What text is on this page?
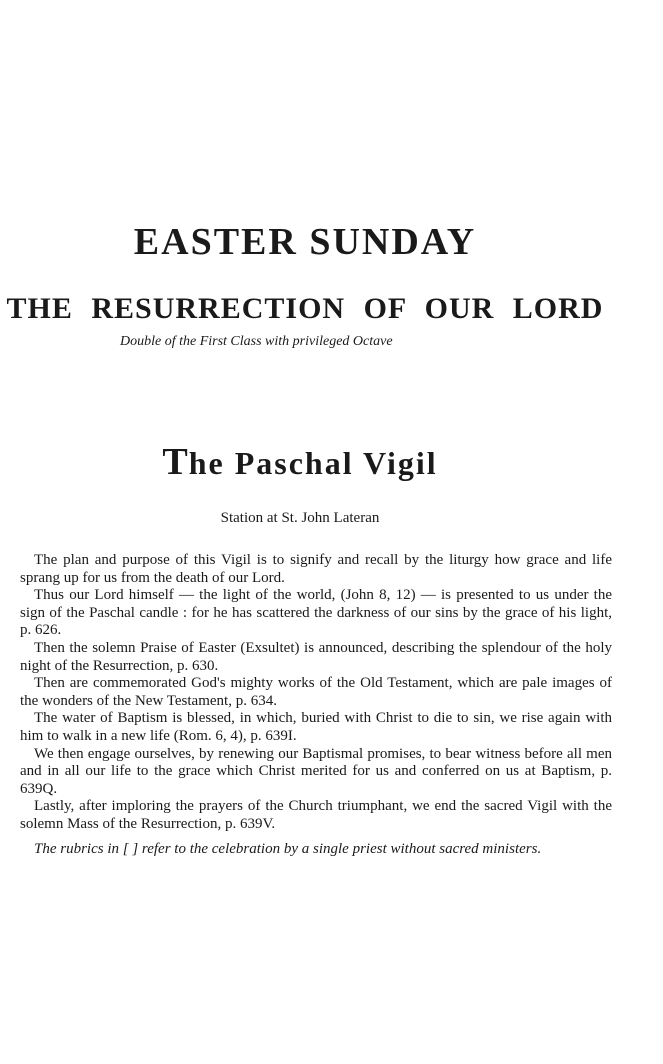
EASTER SUNDAY
THE RESURRECTION OF OUR LORD

Double of the First Class with privileged Octave

The Paschal Vigil

Station at St. John Lateran

The plan and purpose of this Vigil is to signify and recall by the liturgy how grace and life sprang up for us from the death of our Lord.

Thus our Lord himself — the light of the world, (John 8, 12) — is presented to us under the sign of the Paschal candle : for he has scattered the darkness of our sins by the grace of his light, p. 626.

Then the solemn Praise of Easter (Exsultet) is announced, describing the splendour of the holy night of the Resurrection, p. 630.

Then are commemorated God's mighty works of the Old Testament, which are pale images of the wonders of the New Testament, p. 634.

The water of Baptism is blessed, in which, buried with Christ to die to sin, we rise again with him to walk in a new life (Rom. 6, 4), p. 639I.

We then engage ourselves, by renewing our Baptismal promises, to bear witness before all men and in all our life to the grace which Christ merited for us and conferred on us at Baptism, p. 639Q.

Lastly, after imploring the prayers of the Church triumphant, we end the sacred Vigil with the solemn Mass of the Resurrection, p. 639V.

The rubrics in [ ] refer to the celebration by a single priest without sacred ministers.
